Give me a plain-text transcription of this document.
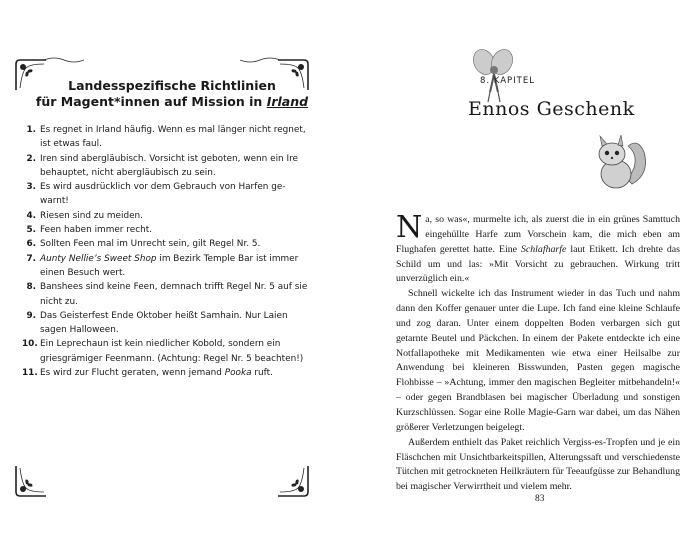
Landesspezifische Richtlinien
für Magent*innen auf Mission in Irland
1. Es regnet in Irland häufig. Wenn es mal länger nicht regnet,
ist etwas faul.
2. Iren sind abergläubisch. Vorsicht ist geboten, wenn ein Ire
behauptet, nicht abergläubisch zu sein.
3. Es wird ausdrücklich vor dem Gebrauch von Harfen ge-
warnt!
4. Riesen sind zu meiden.
5. Feen haben immer recht.
6. Sollten Feen mal im Unrecht sein, gilt Regel Nr. 5.
7. Aunty Nellie’s Sweet Shop im Bezirk Temple Bar ist immer
einen Besuch wert.
8. Banshees sind keine Feen, demnach trifft Regel Nr. 5 auf sie
nicht zu.
9. Das Geisterfest Ende Oktober heißt Samhain. Nur Laien
sagen Halloween.
10. Ein Leprechaun ist kein niedlicher Kobold, sondern ein
griesgrämiger Feenmann. (Achtung: Regel Nr. 5 beachten!)
11. Es wird zur Flucht geraten, wenn jemand Pooka ruft.
8. KAPITEL
Ennos Geschenk

Na, so was«, murmelte ich, als zuerst die in ein grünes Samttuch eingehüllte Harfe zum Vorschein kam, die mich eben am Flughafen gerettet hatte. Eine Schlafharfe laut Etikett. Ich drehte das Schild um und las: »Mit Vorsicht zu gebrauchen. Wirkung tritt unverzüglich ein.«

Schnell wickelte ich das Instrument wieder in das Tuch und nahm dann den Koffer genauer unter die Lupe. Ich fand eine kleine Schlaufe und zog daran. Unter einem doppelten Boden verbargen sich gut getarnte Beutel und Päckchen. In einem der Pakete entdeckte ich eine Notfallapotheke mit Medikamenten wie etwa einer Heilsalbe zur Anwendung bei kleineren Bisswunden, Pasten gegen magische Flohbisse – »Achtung, immer den magischen Begleiter mitbehandeln!« – oder gegen Brandblasen bei magischer Überladung und sonstigen Kurzschlüssen. Sogar eine Rolle Magie-Garn war dabei, um das Nähen größerer Verletzungen beigelegt.

Außerdem enthielt das Paket reichlich Vergiss-es-Tropfen und je ein Fläschchen mit Unsichtbarkeitspillen, Alterungssaft und verschiedenste Tütchen mit getrockneten Heilkräutern für Teeaufgüsse zur Behandlung bei magischer Verwirrtheit und vielem mehr.

83
